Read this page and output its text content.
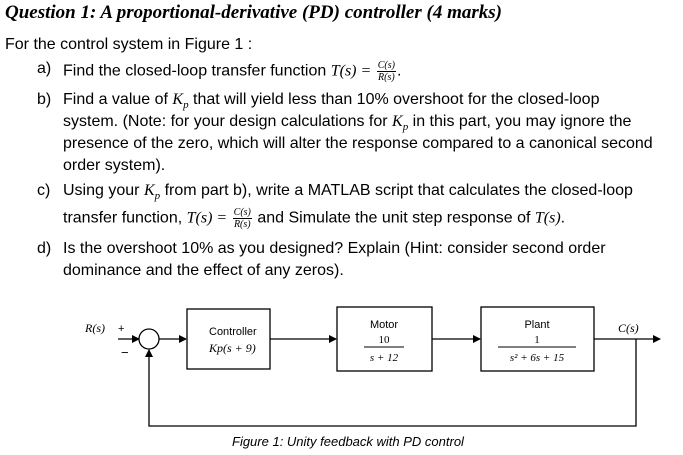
Question 1: A proportional-derivative (PD) controller (4 marks)
For the control system in Figure 1 :
a) Find the closed-loop transfer function $T(s) = \frac{C(s)}{R(s)}$ .
b) Find a value of $K_p$ that will yield less than 10% overshoot for the closed-loop
system. (Note: for your design calculations for $K_p$ in this part, you may ignore the
presence of the zero, which will alter the response compared to a canonical second
order system).
c) Using your $K_p$ from part b), write a MATLAB script that calculates the closed-loop
transfer function, $T(s) = \frac{C(s)}{R(s)}$ and Simulate the unit step response of T(s).
d) Is the overshoot 10% as you designed? Explain (Hint: consider second order
dominance and the effect of any zeros).
R(s) +
−
Controller
Kp(s + 9)
Motor
10
s + 12
Plant
1
s² + 6s + 15
C(s)
Figure 1: Unity feedback with PD control
